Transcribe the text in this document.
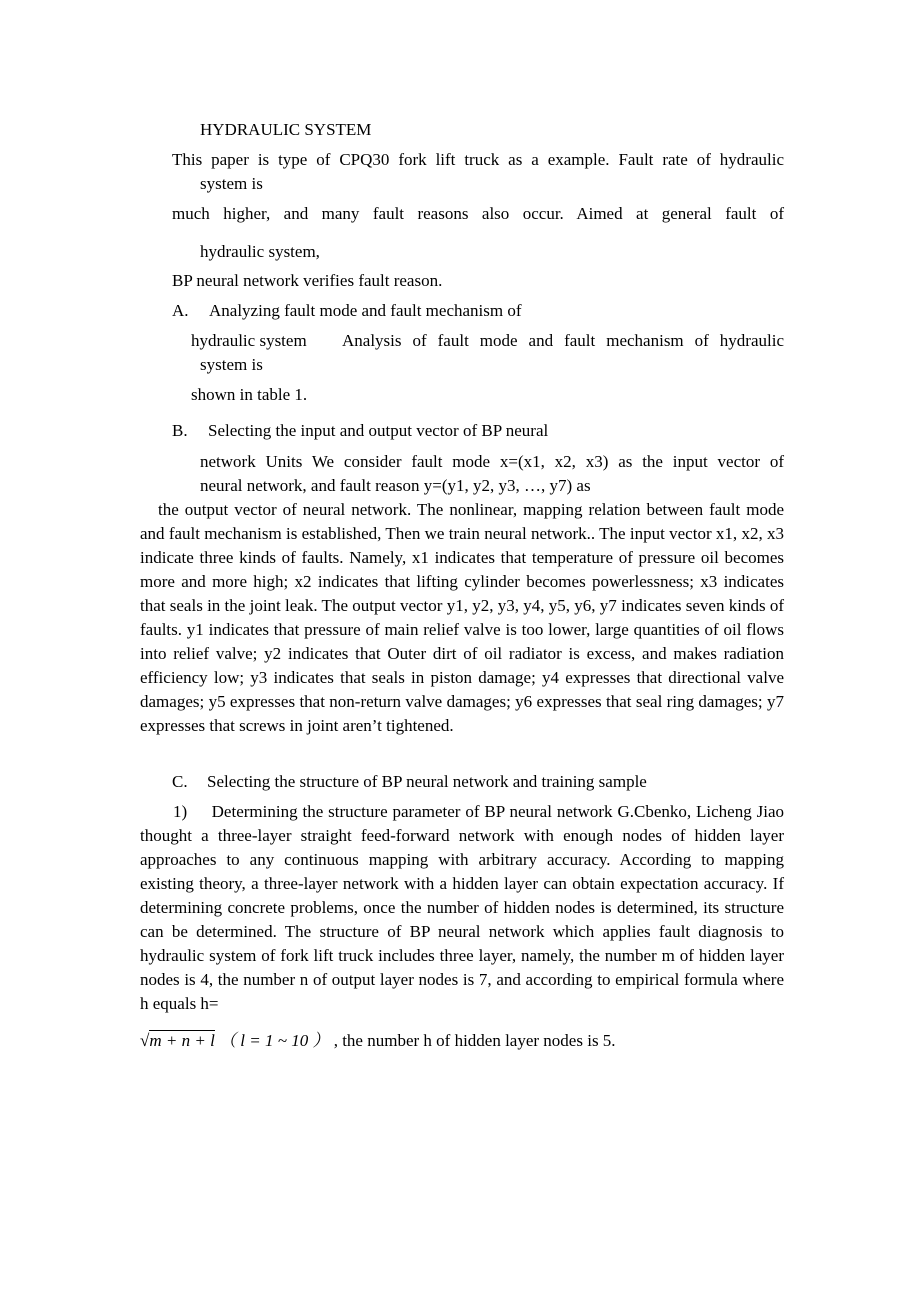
HYDRAULIC SYSTEM
This paper is type of CPQ30 fork lift truck as a example. Fault rate of hydraulic
system is
much higher, and many fault reasons also occur. Aimed at general fault of
hydraulic system,
BP neural network verifies fault reason.
A. Analyzing fault mode and fault mechanism of
hydraulic system Analysis of fault mode and fault mechanism of hydraulic
system is
shown in table 1.
B. Selecting the input and output vector of BP neural
network Units We consider fault mode x=(x1, x2, x3) as the input vector of
neural network, and fault reason y=(y1, y2, y3, …, y7) as

the output vector of neural network. The nonlinear, mapping relation between fault mode and fault mechanism is established, Then we train neural network.. The input vector x1, x2, x3 indicate three kinds of faults. Namely, x1 indicates that temperature of pressure oil becomes more and more high; x2 indicates that lifting cylinder becomes powerlessness; x3 indicates that seals in the joint leak. The output vector y1, y2, y3, y4, y5, y6, y7 indicates seven kinds of faults. y1 indicates that pressure of main relief valve is too lower, large quantities of oil flows into relief valve; y2 indicates that Outer dirt of oil radiator is excess, and makes radiation efficiency low; y3 indicates that seals in piston damage; y4 expresses that directional valve damages; y5 expresses that non-return valve damages; y6 expresses that seal ring damages; y7 expresses that screws in joint aren’t tightened.

C. Selecting the structure of BP neural network and training sample

1) Determining the structure parameter of BP neural network G.Cbenko, Licheng Jiao thought a three-layer straight feed-forward network with enough nodes of hidden layer approaches to any continuous mapping with arbitrary accuracy. According to mapping existing theory, a three-layer network with a hidden layer can obtain expectation accuracy. If determining concrete problems, once the number of hidden nodes is determined, its structure can be determined. The structure of BP neural network which applies fault diagnosis to hydraulic system of fork lift truck includes three layer, namely, the number m of hidden layer nodes is 4, the number n of output layer nodes is 7, and according to empirical formula where h equals h=

√m + n + l （ l = 1 ~ 10 ） , the number h of hidden layer nodes is 5.
